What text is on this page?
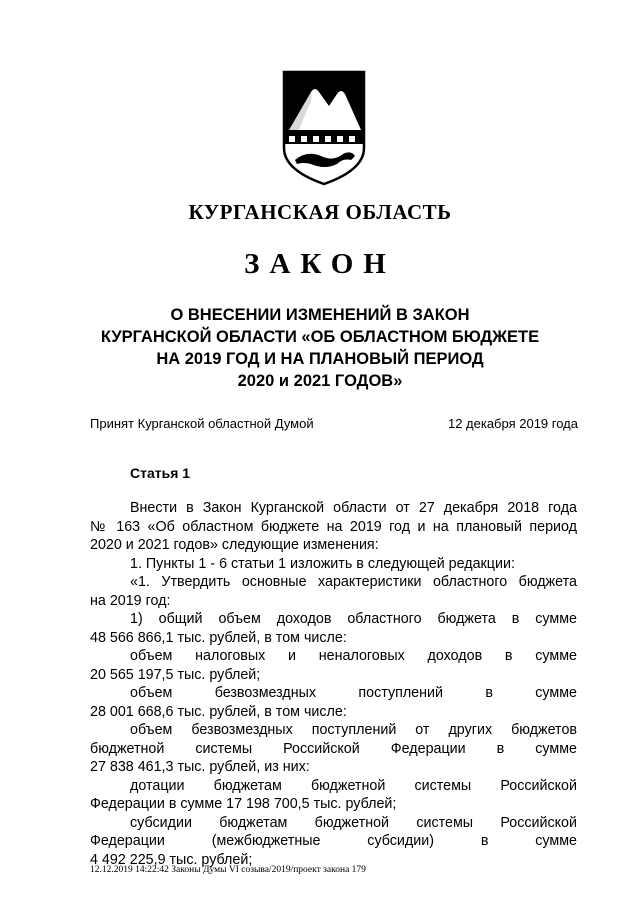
КУРГАНСКАЯ ОБЛАСТЬ
ЗАКОН
О ВНЕСЕНИИ ИЗМЕНЕНИЙ В ЗАКОН
КУРГАНСКОЙ ОБЛАСТИ «ОБ ОБЛАСТНОМ БЮДЖЕТЕ
НА 2019 ГОД И НА ПЛАНОВЫЙ ПЕРИОД
2020 и 2021 ГОДОВ»
Принят Курганской областной Думой	12 декабря 2019 года
Статья 1
Внести в Закон Курганской области от 27 декабря 2018 года
№ 163 «Об областном бюджете на 2019 год и на плановый период
2020 и 2021 годов» следующие изменения:
1. Пункты 1 - 6 статьи 1 изложить в следующей редакции:
«1. Утвердить основные характеристики областного бюджета
на 2019 год:
1) общий объем доходов областного бюджета в сумме
48 566 866,1 тыс. рублей, в том числе:
объем налоговых и неналоговых доходов в сумме
20 565 197,5 тыс. рублей;
объем безвозмездных поступлений в сумме
28 001 668,6 тыс. рублей, в том числе:
объем безвозмездных поступлений от других бюджетов
бюджетной системы Российской Федерации в сумме
27 838 461,3 тыс. рублей, из них:
дотации бюджетам бюджетной системы Российской
Федерации в сумме 17 198 700,5 тыс. рублей;
субсидии бюджетам бюджетной системы Российской
Федерации (межбюджетные субсидии) в сумме
4 492 225,9 тыс. рублей;
12.12.2019 14:22:42 Законы Думы VI созыва/2019/проект закона 179
